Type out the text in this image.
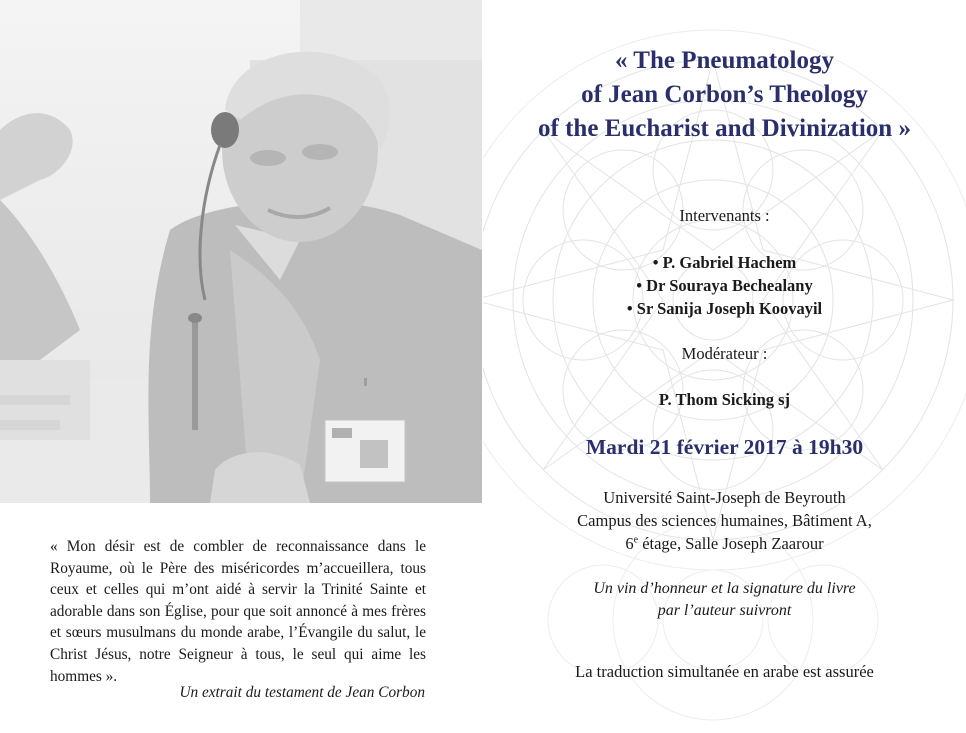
« Mon désir est de combler de reconnaissance dans le Royaume, où le Père des miséricordes m’accueillera, tous ceux et celles qui m’ont aidé à servir la Trinité Sainte et adorable dans son Église, pour que soit annoncé à mes frères et sœurs musulmans du monde arabe, l’Évangile du salut, le Christ Jésus, notre Seigneur à tous, le seul qui aime les hommes ».

Un extrait du testament de Jean Corbon
« The Pneumatology
of Jean Corbon’s Theology
of the Eucharist and Divinization »
Intervenants :
• P. Gabriel Hachem
• Dr Souraya Bechealany
• Sr Sanija Joseph Koovayil
Modérateur :
P. Thom Sicking sj
Mardi 21 février 2017 à 19h30
Université Saint-Joseph de Beyrouth
Campus des sciences humaines, Bâtiment A,
6e étage, Salle Joseph Zaarour
Un vin d’honneur et la signature du livre
par l’auteur suivront
La traduction simultanée en arabe est assurée
